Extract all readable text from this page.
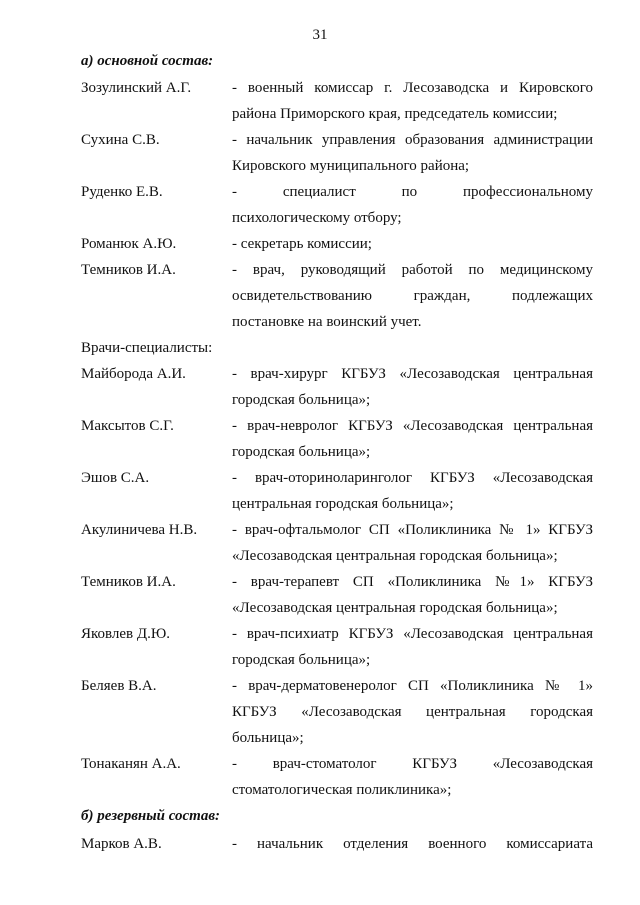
31
а) основной состав:
Зозулинский А.Г.	- военный комиссар г. Лесозаводска и Кировского
района Приморского края, председатель комиссии;
Сухина С.В.	- начальник управления образования администрации
Кировского муниципального района;
Руденко Е.В.	- специалист по профессиональному
психологическому отбору;
Романюк А.Ю.	- секретарь комиссии;
Темников И.А.	- врач, руководящий работой по медицинскому
освидетельствованию граждан, подлежащих
постановке на воинский учет.
Врачи-специалисты:
Майборода А.И.	- врач-хирург КГБУЗ «Лесозаводская центральная
городская больница»;
Максытов С.Г.	- врач-невролог КГБУЗ «Лесозаводская центральная
городская больница»;
Эшов С.А.	- врач-оториноларинголог КГБУЗ «Лесозаводская
центральная городская больница»;
Акулиничева Н.В. - врач-офтальмолог СП «Поликлиника № 1» КГБУЗ
«Лесозаводская центральная городская больница»;
Темников И.А.	- врач-терапевт СП «Поликлиника №1» КГБУЗ
«Лесозаводская центральная городская больница»;
Яковлев Д.Ю.	- врач-психиатр КГБУЗ «Лесозаводская центральная
городская больница»;
Беляев В.А.	- врач-дерматовенеролог СП «Поликлиника № 1»
КГБУЗ «Лесозаводская центральная городская
больница»;
Тонаканян А.А.	- врач-стоматолог КГБУЗ «Лесозаводская
стоматологическая поликлиника»;
б) резервный состав:
Марков А.В.	- начальник отделения военного комиссариата
